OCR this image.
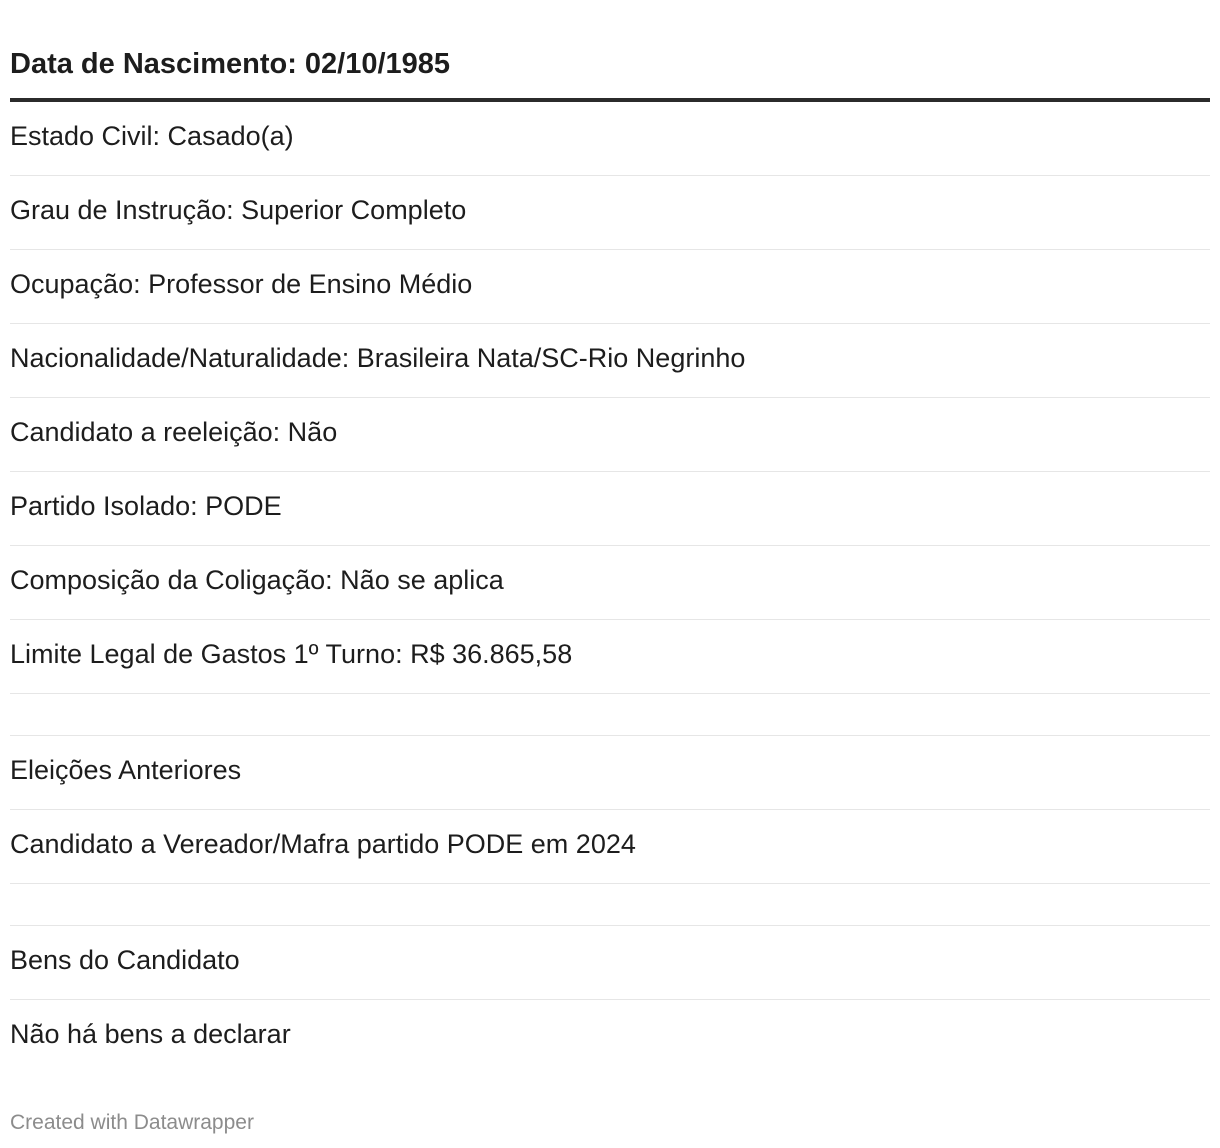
Data de Nascimento: 02/10/1985
Estado Civil: Casado(a)
Grau de Instrução: Superior Completo
Ocupação: Professor de Ensino Médio
Nacionalidade/Naturalidade: Brasileira Nata/SC-Rio Negrinho
Candidato a reeleição: Não
Partido Isolado: PODE
Composição da Coligação: Não se aplica
Limite Legal de Gastos 1º Turno: R$ 36.865,58
Eleições Anteriores
Candidato a Vereador/Mafra partido PODE em 2024
Bens do Candidato
Não há bens a declarar
Created with Datawrapper
